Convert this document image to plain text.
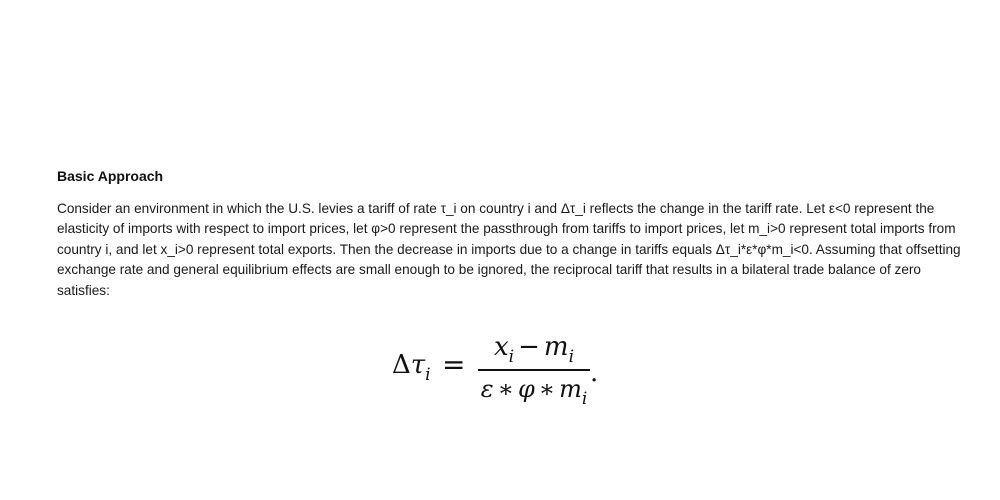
Basic Approach

Consider an environment in which the U.S. levies a tariff of rate τ_i on country i and Δτ_i reflects the change in the tariff rate. Let ε<0 represent the elasticity of imports with respect to import prices, let φ>0 represent the passthrough from tariffs to import prices, let m_i>0 represent total imports from country i, and let x_i>0 represent total exports. Then the decrease in imports due to a change in tariffs equals Δτ_i*ε*φ*m_i<0. Assuming that offsetting exchange rate and general equilibrium effects are small enough to be ignored, the reciprocal tariff that results in a bilateral trade balance of zero satisfies:

$\Delta\tau_i$ =
$x_i - m_i$
ε ∗ φ ∗ $m_i$
.
